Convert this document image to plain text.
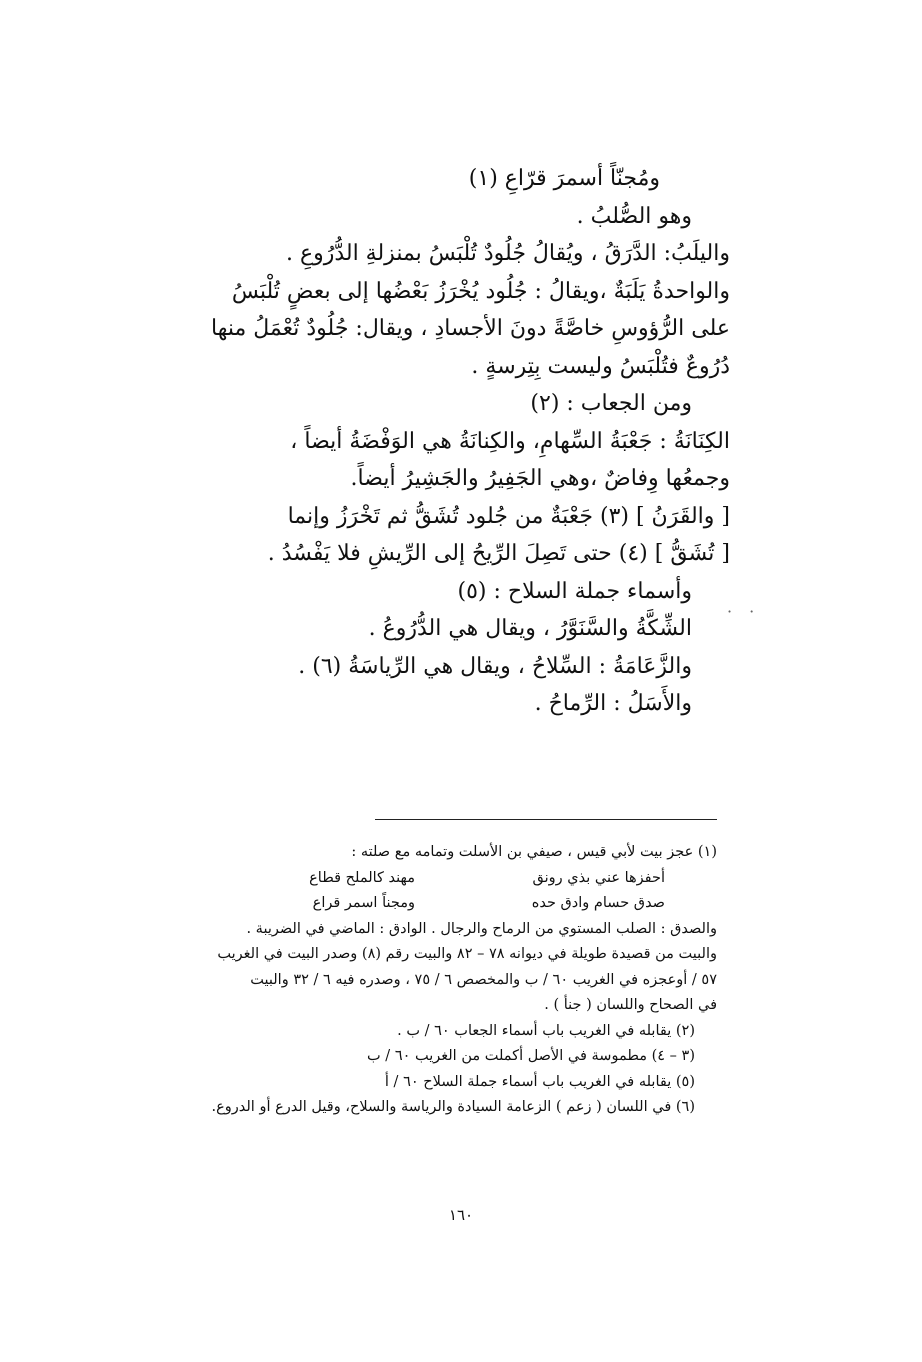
ومُجنّاً أسمرَ قرّاعِ (١)
وهو الصُّلبُ .
واليلَبُ: الدَّرَقُ ، ويُقالُ جُلُودٌ تُلْبَسُ بمنزلةِ الدُّرُوعِ .
والواحدةُ يَلَبَةٌ ،ويقالُ : جُلُود يُخْرَزُ بَعْضُها إلى بعضٍ تُلْبَسُ
على الرُّؤوسِ خاصَّةً دونَ الأجسادِ ، ويقال: جُلُودٌ تُعْمَلُ منها
دُرُوعٌ فتُلْبَسُ وليست بِتِرسةٍ .
ومن الجعاب : (٢)
الكِنَانَةُ : جَعْبَةُ السِّهامِ، والكِنانَةُ هي الوَفْضَةُ أيضاً ،
وجمعُها وِفاضٌ ،وهي الجَفِيرُ والجَشِيرُ أيضاً.
[ والقَرَنُ ] (٣) جَعْبَةٌ من جُلود تُشَقُّ ثم تَخْرَزُ وإنما
[ تُشَقُّ ] (٤) حتى تَصِلَ الرِّيحُ إلى الرِّيشِ فلا يَفْسُدُ .
وأسماء جملة السلاح : (٥)
الشِّكَّةُ والسَّنَوَّرُ ، ويقال هي الدُّرُوعُ .
والزَّعَامَةُ : السِّلاحُ ، ويقال هي الرِّياسَةُ (٦) .
والأَسَلُ : الرِّماحُ .
· ·
(١) عجز بيت لأبي قيس ، صيفي بن الأسلت وتمامه مع صلته :
أحفزها عني بذي رونق
مهند كالملح قطاع
صدق حسام وادق حده
ومجناً اسمر قراع
والصدق : الصلب المستوي من الرماح والرجال . الوادق : الماضي في الضريبة .
والبيت من قصيدة طويلة في ديوانه ٧٨ – ٨٢ والبيت رقم (٨) وصدر البيت في الغريب
٥٧ / أوعجزه في الغريب ٦٠ / ب والمخصص ٦ / ٧٥ ، وصدره فيه ٦ / ٣٢ والبيت
في الصحاح واللسان ( جنأ ) .
(٢) يقابله في الغريب باب أسماء الجعاب ٦٠ / ب .
(٣ – ٤) مطموسة في الأصل أكملت من الغريب ٦٠ / ب
(٥) يقابله في الغريب باب أسماء جملة السلاح ٦٠ / أ
(٦) في اللسان ( زعم ) الزعامة السيادة والرياسة والسلاح، وقيل الدرع أو الدروع.
١٦٠
